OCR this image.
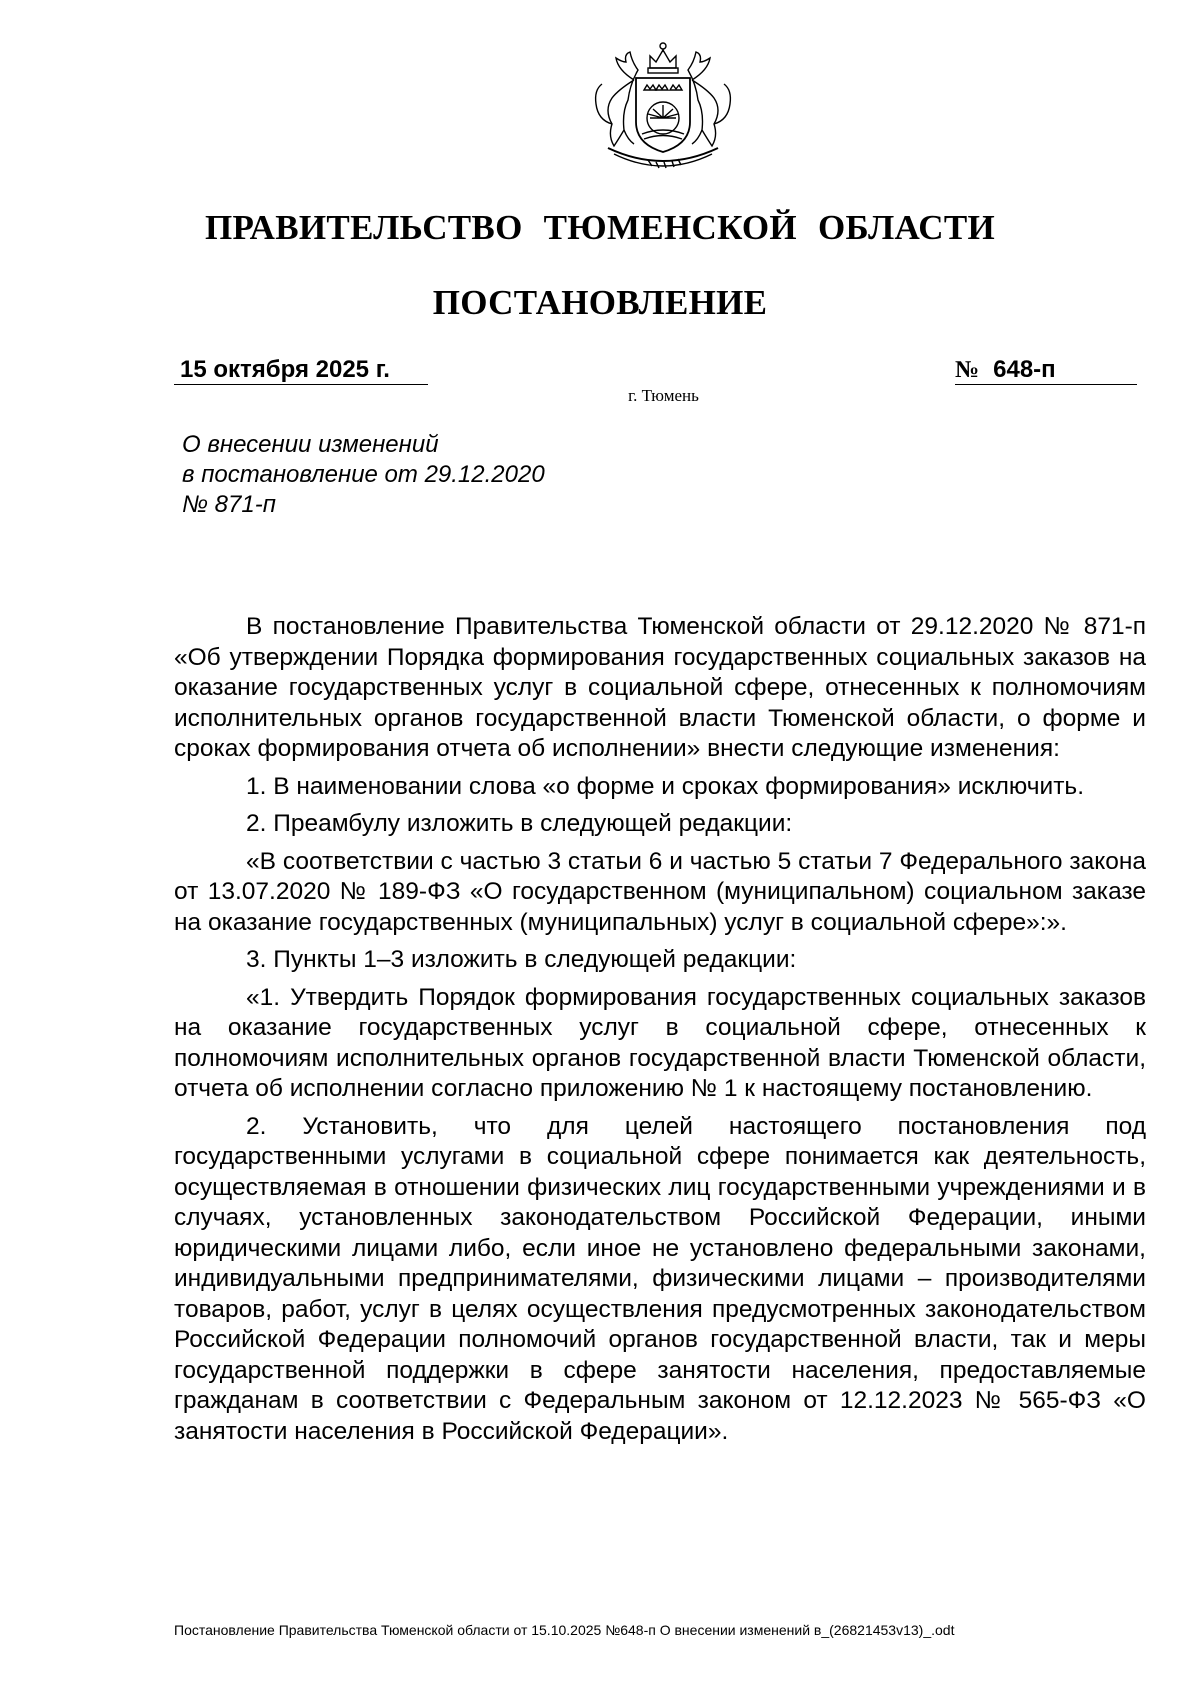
ПРАВИТЕЛЬСТВО ТЮМЕНСКОЙ ОБЛАСТИ
ПОСТАНОВЛЕНИЕ
15 октября 2025 г.	№ 648-п
г. Тюмень
О внесении изменений
в постановление от 29.12.2020
№ 871-п

В постановление Правительства Тюменской области от 29.12.2020 № 871-п «Об утверждении Порядка формирования государственных социальных заказов на оказание государственных услуг в социальной сфере, отнесенных к полномочиям исполнительных органов государственной власти Тюменской области, о форме и сроках формирования отчета об исполнении» внести следующие изменения:

1. В наименовании слова «о форме и сроках формирования» исключить.

2. Преамбулу изложить в следующей редакции:

«В соответствии с частью 3 статьи 6 и частью 5 статьи 7 Федерального закона от 13.07.2020 № 189-ФЗ «О государственном (муниципальном) социальном заказе на оказание государственных (муниципальных) услуг в социальной сфере»:».

3. Пункты 1–3 изложить в следующей редакции:

«1. Утвердить Порядок формирования государственных социальных заказов на оказание государственных услуг в социальной сфере, отнесенных к полномочиям исполнительных органов государственной власти Тюменской области, отчета об исполнении согласно приложению № 1 к настоящему постановлению.

2. Установить, что для целей настоящего постановления под государственными услугами в социальной сфере понимается как деятельность, осуществляемая в отношении физических лиц государственными учреждениями и в случаях, установленных законодательством Российской Федерации, иными юридическими лицами либо, если иное не установлено федеральными законами, индивидуальными предпринимателями, физическими лицами – производителями товаров, работ, услуг в целях осуществления предусмотренных законодательством Российской Федерации полномочий органов государственной власти, так и меры государственной поддержки в сфере занятости населения, предоставляемые гражданам в соответствии с Федеральным законом от 12.12.2023 № 565-ФЗ «О занятости населения в Российской Федерации».

Постановление Правительства Тюменской области от 15.10.2025 №648-п О внесении изменений в_(26821453v13)_.odt
